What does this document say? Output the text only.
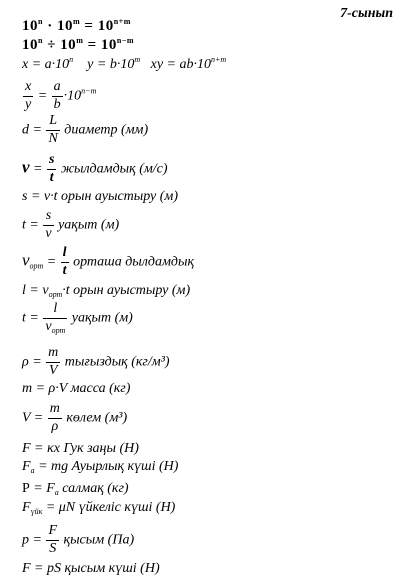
7-сынып
$10^n \cdot 10^m = 10^{n+m}$
$10^n \div 10^m = 10^{n-m}$
$x = a\cdot 10^n$    $y = b\cdot 10^m$   xy = $ab\cdot 10^{n+m}$
$\frac{x}{y} = \frac{a}{b} \cdot 10^{n-m}$
$d = \frac{L}{N}$ диаметр (мм)
$\nu = \frac{s}{t}$ жылдамдық (м/с)
s = v·t орын ауыстыру (м)
$t = \frac{s}{v}$ уақыт (м)
$\nu_{орт} = \frac{l}{t}$ орташа дылдамдық
$l = v_{орт}\cdot t$ орын ауыстыру (м)
$t = \frac{l}{v_{орт}}$ уақыт (м)
$\rho = \frac{m}{V}$ тығыздық (кг/м³)
m = ρ·V масса (кг)
$V = \frac{m}{\rho}$ көлем (м³)
F = κx Гук заңы (Н)
$F_a$ = mg Ауырлық күші (Н)
$P = F_a$ салмақ (кг)
$F_{үйк} = \mu N$ үйкеліс күші (Н)
$p = \frac{F}{S}$ қысым (Па)
F = pS қысым күші (Н)
